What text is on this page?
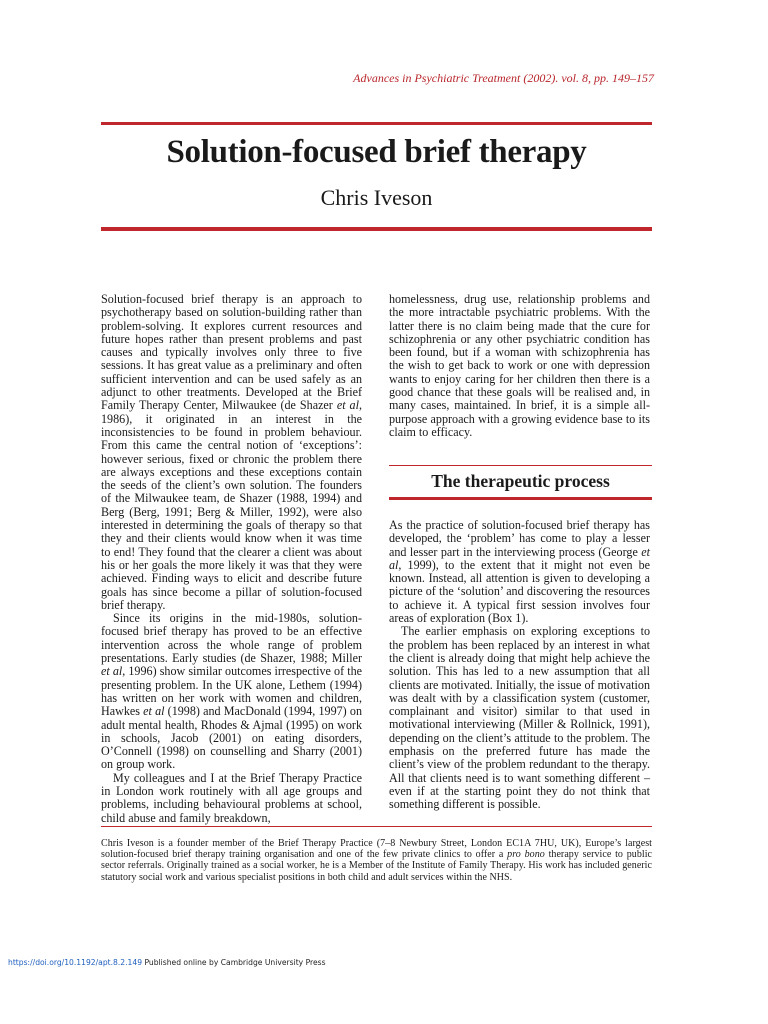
Advances in Psychiatric Treatment (2002). vol. 8, pp. 149–157
Solution-focused brief therapy
Chris Iveson

Solution-focused brief therapy is an approach to psychotherapy based on solution-building rather than problem-solving. It explores current resources and future hopes rather than present problems and past causes and typically involves only three to five sessions. It has great value as a preliminary and often sufficient intervention and can be used safely as an adjunct to other treatments. Developed at the Brief Family Therapy Center, Milwaukee (de Shazer et al, 1986), it originated in an interest in the inconsistencies to be found in problem behaviour. From this came the central notion of ‘exceptions’: however serious, fixed or chronic the problem there are always exceptions and these exceptions contain the seeds of the client’s own solution. The founders of the Milwaukee team, de Shazer (1988, 1994) and Berg (Berg, 1991; Berg & Miller, 1992), were also interested in determining the goals of therapy so that they and their clients would know when it was time to end! They found that the clearer a client was about his or her goals the more likely it was that they were achieved. Finding ways to elicit and describe future goals has since become a pillar of solution-focused brief therapy.

Since its origins in the mid-1980s, solution-focused brief therapy has proved to be an effective intervention across the whole range of problem presentations. Early studies (de Shazer, 1988; Miller et al, 1996) show similar outcomes irrespective of the presenting problem. In the UK alone, Lethem (1994) has written on her work with women and children, Hawkes et al (1998) and MacDonald (1994, 1997) on adult mental health, Rhodes & Ajmal (1995) on work in schools, Jacob (2001) on eating disorders, O’Connell (1998) on counselling and Sharry (2001) on group work.

My colleagues and I at the Brief Therapy Practice in London work routinely with all age groups and problems, including behavioural problems at school, child abuse and family breakdown,

homelessness, drug use, relationship problems and the more intractable psychiatric problems. With the latter there is no claim being made that the cure for schizophrenia or any other psychiatric condition has been found, but if a woman with schizophrenia has the wish to get back to work or one with depression wants to enjoy caring for her children then there is a good chance that these goals will be realised and, in many cases, maintained. In brief, it is a simple all-purpose approach with a growing evidence base to its claim to efficacy.

The therapeutic process

As the practice of solution-focused brief therapy has developed, the ‘problem’ has come to play a lesser and lesser part in the interviewing process (George et al, 1999), to the extent that it might not even be known. Instead, all attention is given to developing a picture of the ‘solution’ and discovering the resources to achieve it. A typical first session involves four areas of exploration (Box 1).

The earlier emphasis on exploring exceptions to the problem has been replaced by an interest in what the client is already doing that might help achieve the solution. This has led to a new assumption that all clients are motivated. Initially, the issue of motivation was dealt with by a classification system (customer, complainant and visitor) similar to that used in motivational interviewing (Miller & Rollnick, 1991), depending on the client’s attitude to the problem. The emphasis on the preferred future has made the client’s view of the problem redundant to the therapy. All that clients need is to want something different – even if at the starting point they do not think that something different is possible.

Chris Iveson is a founder member of the Brief Therapy Practice (7–8 Newbury Street, London EC1A 7HU, UK), Europe’s largest solution-focused brief therapy training organisation and one of the few private clinics to offer a pro bono therapy service to public sector referrals. Originally trained as a social worker, he is a Member of the Institute of Family Therapy. His work has included generic statutory social work and various specialist positions in both child and adult services within the NHS.
https://doi.org/10.1192/apt.8.2.149 Published online by Cambridge University Press
